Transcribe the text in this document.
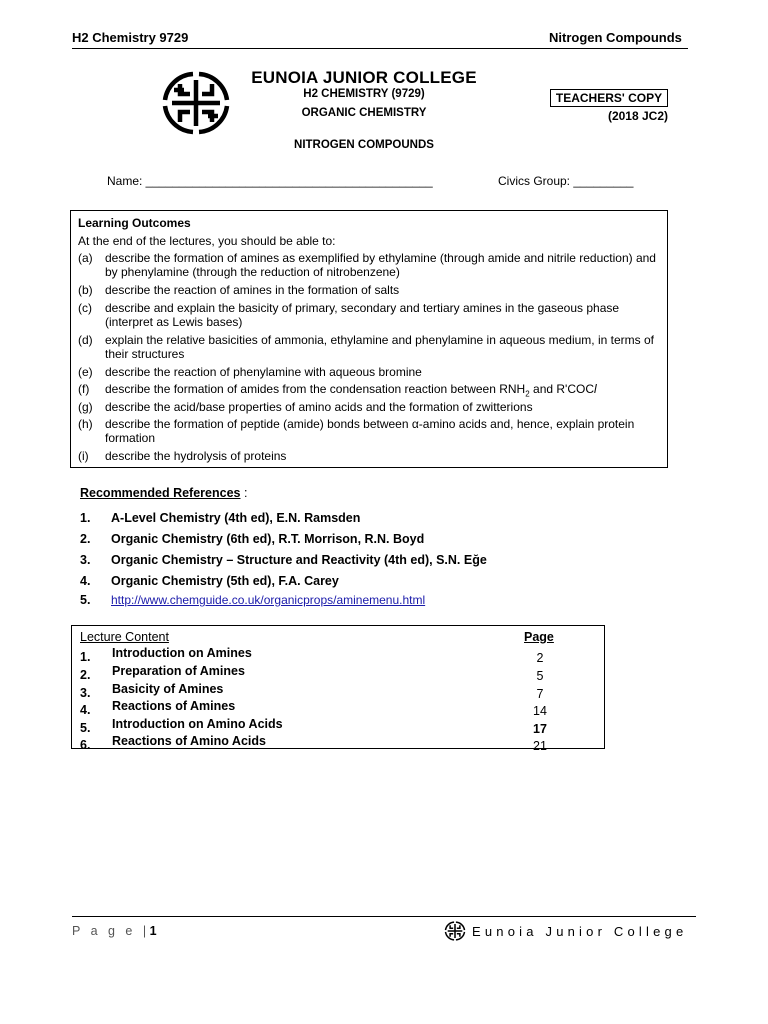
H2 Chemistry 9729	Nitrogen Compounds
EUNOIA JUNIOR COLLEGE
H2 CHEMISTRY (9729)
ORGANIC CHEMISTRY
NITROGEN COMPOUNDS
TEACHERS' COPY
(2018 JC2)
Name: ___________________________________________	Civics Group: _________
Learning Outcomes
At the end of the lectures, you should be able to:
(a) describe the formation of amines as exemplified by ethylamine (through amide and nitrile reduction) and by phenylamine (through the reduction of nitrobenzene)
(b) describe the reaction of amines in the formation of salts
(c) describe and explain the basicity of primary, secondary and tertiary amines in the gaseous phase (interpret as Lewis bases)
(d) explain the relative basicities of ammonia, ethylamine and phenylamine in aqueous medium, in terms of their structures
(e) describe the reaction of phenylamine with aqueous bromine
(f) describe the formation of amides from the condensation reaction between $RNH_2$ and R'COCl
(g) describe the acid/base properties of amino acids and the formation of zwitterions
(h) describe the formation of peptide (amide) bonds between α-amino acids and, hence, explain protein formation
(i) describe the hydrolysis of proteins
Recommended References :
1. A-Level Chemistry (4th ed), E.N. Ramsden
2. Organic Chemistry (6th ed), R.T. Morrison, R.N. Boyd
3. Organic Chemistry – Structure and Reactivity (4th ed), S.N. Eğe
4. Organic Chemistry (5th ed), F.A. Carey
5. http://www.chemguide.co.uk/organicprops/aminemenu.html
Lecture Content	Page
1. Introduction on Amines	2
2. Preparation of Amines	5
3. Basicity of Amines	7
4. Reactions of Amines	14
5. Introduction on Amino Acids	17
6. Reactions of Amino Acids	21
P a g e |1	Eunoia Junior College
